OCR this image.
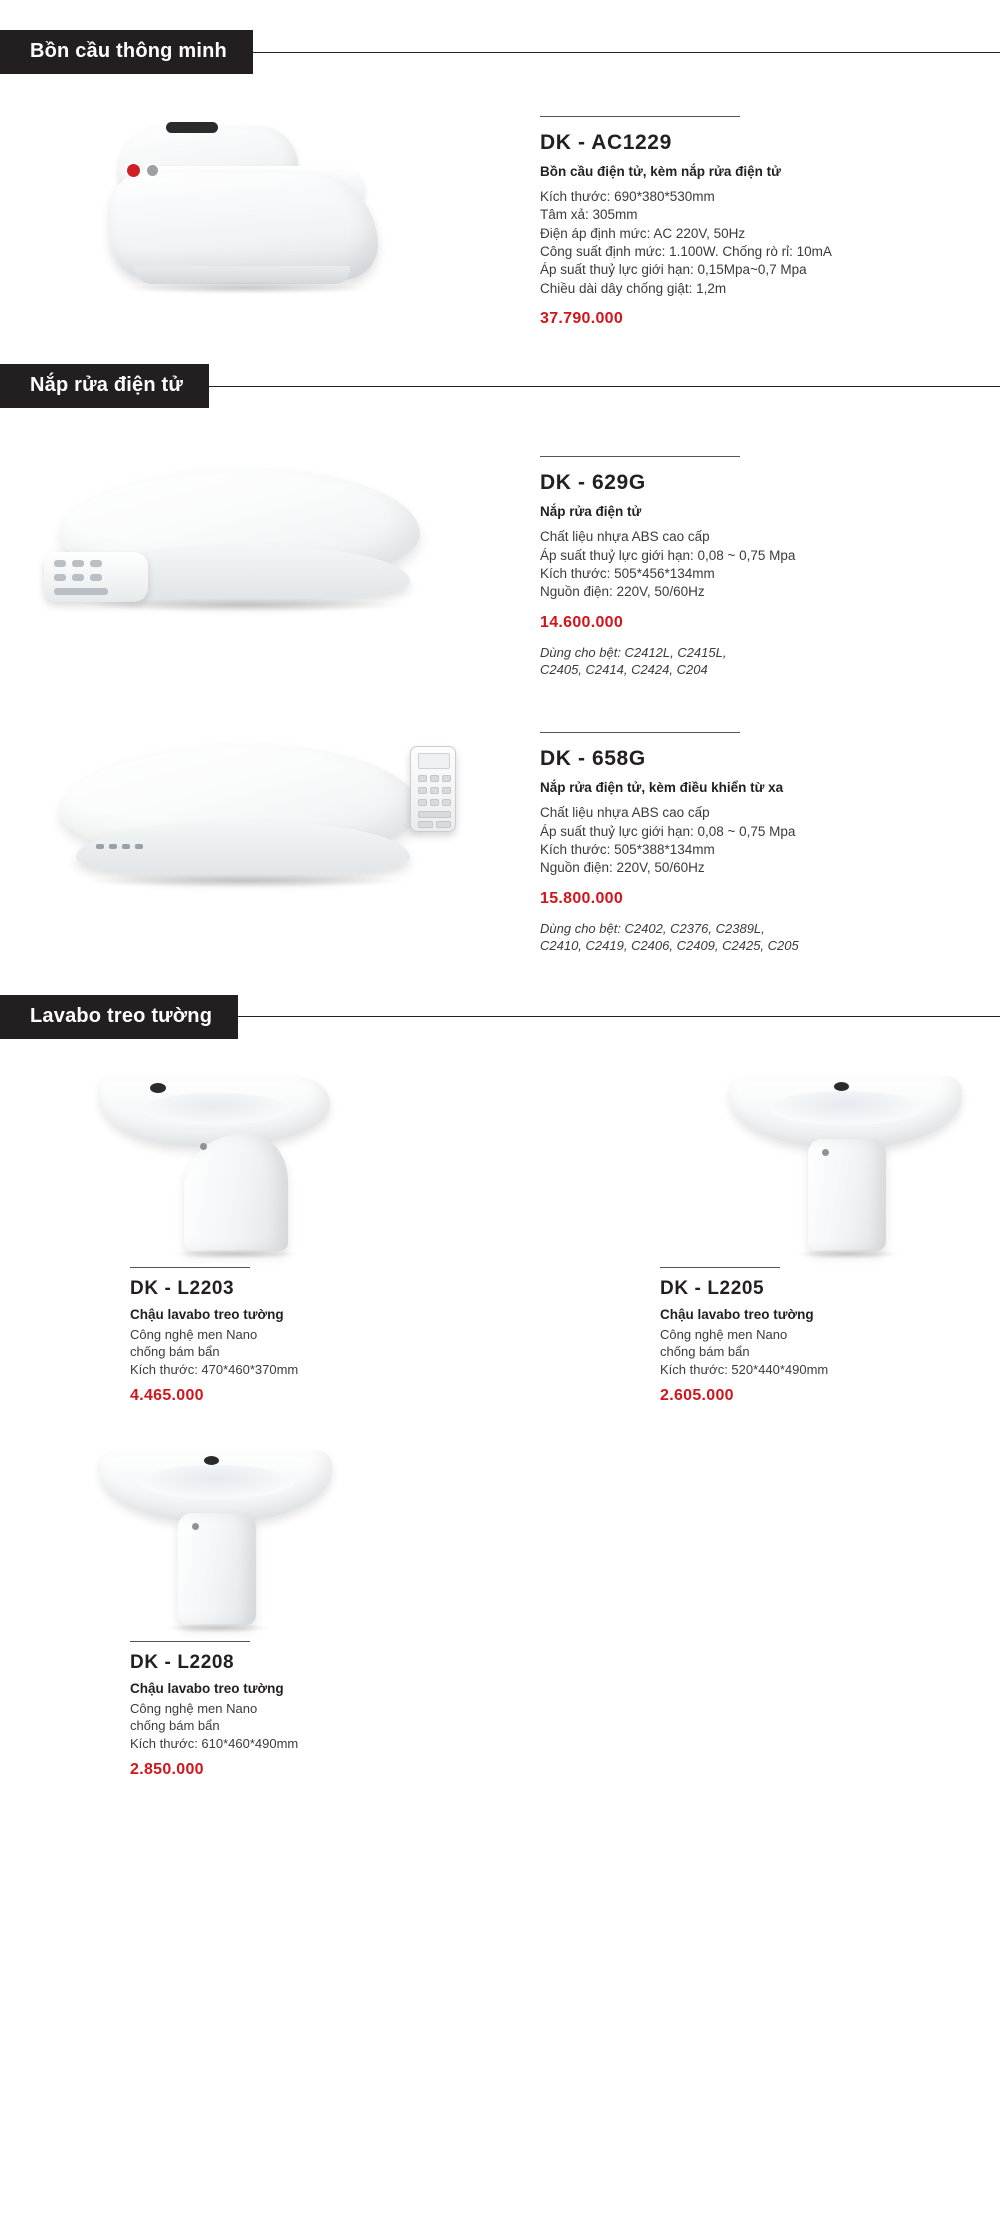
Bồn cầu thông minh
DK - AC1229
Bồn cầu điện tử, kèm nắp rửa điện tử
Kích thước: 690*380*530mm
Tâm xả: 305mm
Điện áp định mức: AC 220V, 50Hz
Công suất định mức: 1.100W. Chống rò rỉ: 10mA
Áp suất thuỷ lực giới hạn: 0,15Mpa~0,7 Mpa
Chiều dài dây chống giật: 1,2m
37.790.000
Nắp rửa điện tử
DK - 629G
Nắp rửa điện tử
Chất liệu nhựa ABS cao cấp
Áp suất thuỷ lực giới hạn: 0,08 ~ 0,75 Mpa
Kích thước: 505*456*134mm
Nguồn điện: 220V, 50/60Hz
14.600.000
Dùng cho bệt: C2412L, C2415L,
C2405, C2414, C2424, C204
DK - 658G
Nắp rửa điện tử, kèm điều khiển từ xa
Chất liệu nhựa ABS cao cấp
Áp suất thuỷ lực giới hạn: 0,08 ~ 0,75 Mpa
Kích thước: 505*388*134mm
Nguồn điện: 220V, 50/60Hz
15.800.000
Dùng cho bệt: C2402, C2376, C2389L,
C2410, C2419, C2406, C2409, C2425, C205
Lavabo treo tường
DK - L2203
Chậu lavabo treo tường
Công nghệ men Nano
chống bám bẩn
Kích thước: 470*460*370mm
4.465.000
DK - L2205
Chậu lavabo treo tường
Công nghệ men Nano
chống bám bẩn
Kích thước: 520*440*490mm
2.605.000
DK - L2208
Chậu lavabo treo tường
Công nghệ men Nano
chống bám bẩn
Kích thước: 610*460*490mm
2.850.000
